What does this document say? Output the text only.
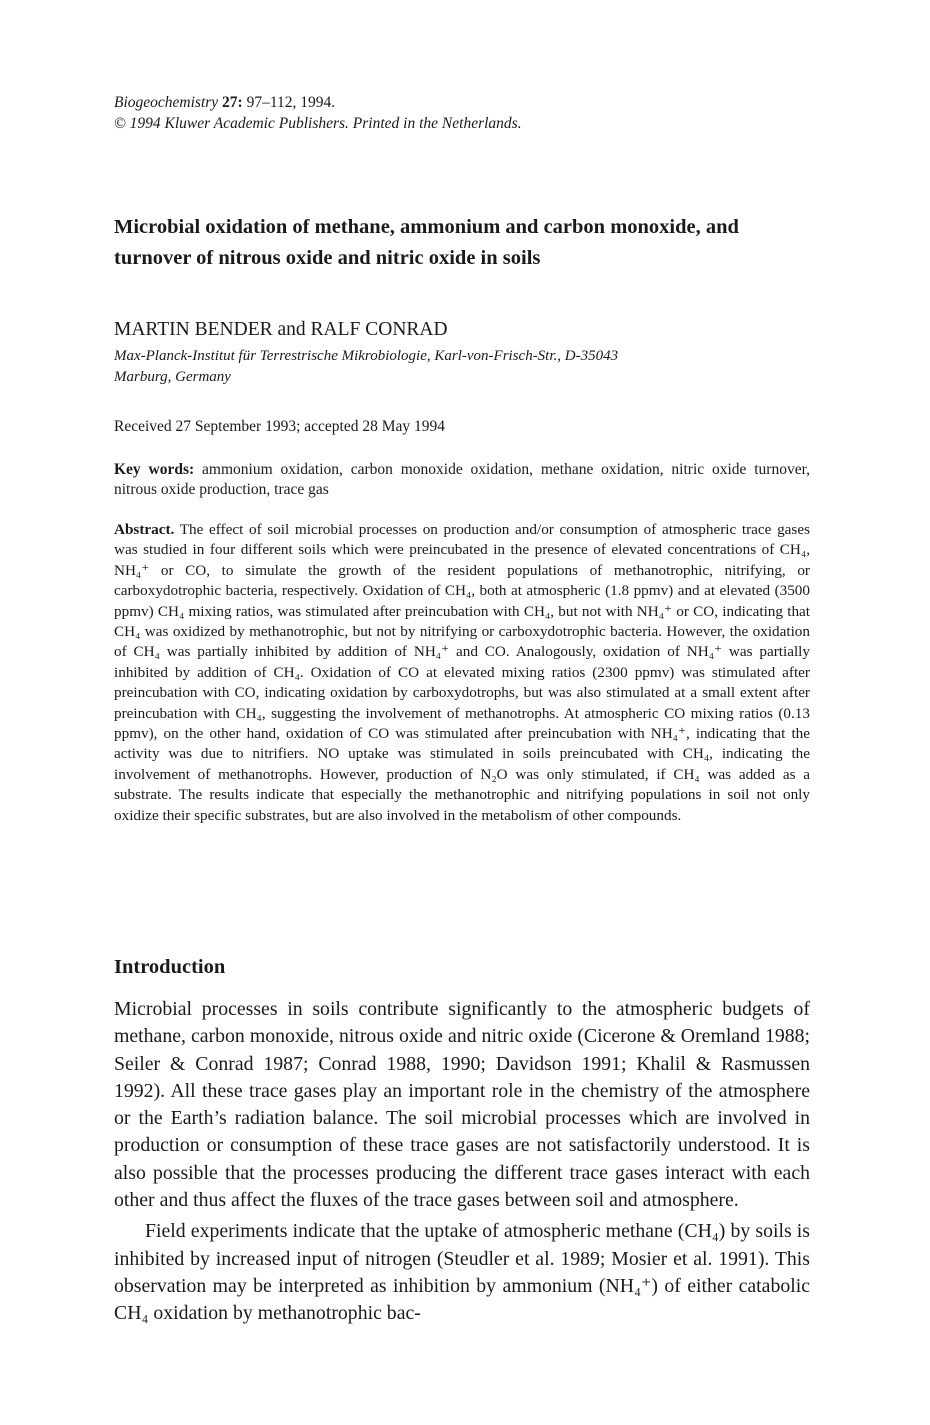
Biogeochemistry 27: 97–112, 1994.
© 1994 Kluwer Academic Publishers. Printed in the Netherlands.
Microbial oxidation of methane, ammonium and carbon monoxide, and turnover of nitrous oxide and nitric oxide in soils
MARTIN BENDER and RALF CONRAD
Max-Planck-Institut für Terrestrische Mikrobiologie, Karl-von-Frisch-Str., D-35043
Marburg, Germany
Received 27 September 1993; accepted 28 May 1994
Key words: ammonium oxidation, carbon monoxide oxidation, methane oxidation, nitric oxide turnover, nitrous oxide production, trace gas
Abstract. The effect of soil microbial processes on production and/or consumption of atmospheric trace gases was studied in four different soils which were preincubated in the presence of elevated concentrations of CH₄, NH₄⁺ or CO, to simulate the growth of the resident populations of methanotrophic, nitrifying, or carboxydotrophic bacteria, respectively. Oxidation of CH₄, both at atmospheric (1.8 ppmv) and at elevated (3500 ppmv) CH₄ mixing ratios, was stimulated after preincubation with CH₄, but not with NH₄⁺ or CO, indicating that CH₄ was oxidized by methanotrophic, but not by nitrifying or carboxydotrophic bacteria. However, the oxidation of CH₄ was partially inhibited by addition of NH₄⁺ and CO. Analogously, oxidation of NH₄⁺ was partially inhibited by addition of CH₄. Oxidation of CO at elevated mixing ratios (2300 ppmv) was stimulated after preincubation with CO, indicating oxidation by carboxydotrophs, but was also stimulated at a small extent after preincubation with CH₄, suggesting the involvement of methanotrophs. At atmospheric CO mixing ratios (0.13 ppmv), on the other hand, oxidation of CO was stimulated after preincubation with NH₄⁺, indicating that the activity was due to nitrifiers. NO uptake was stimulated in soils preincubated with CH₄, indicating the involvement of methanotrophs. However, production of N₂O was only stimulated, if CH₄ was added as a substrate. The results indicate that especially the methanotrophic and nitrifying populations in soil not only oxidize their specific substrates, but are also involved in the metabolism of other compounds.
Introduction

Microbial processes in soils contribute significantly to the atmospheric budgets of methane, carbon monoxide, nitrous oxide and nitric oxide (Cicerone & Oremland 1988; Seiler & Conrad 1987; Conrad 1988, 1990; Davidson 1991; Khalil & Rasmussen 1992). All these trace gases play an important role in the chemistry of the atmosphere or the Earth’s radiation balance. The soil microbial processes which are involved in production or consumption of these trace gases are not satisfactorily understood. It is also possible that the processes producing the different trace gases interact with each other and thus affect the fluxes of the trace gases between soil and atmosphere.

Field experiments indicate that the uptake of atmospheric methane (CH₄) by soils is inhibited by increased input of nitrogen (Steudler et al. 1989; Mosier et al. 1991). This observation may be interpreted as inhibition by ammonium (NH₄⁺) of either catabolic CH₄ oxidation by methanotrophic bac-
